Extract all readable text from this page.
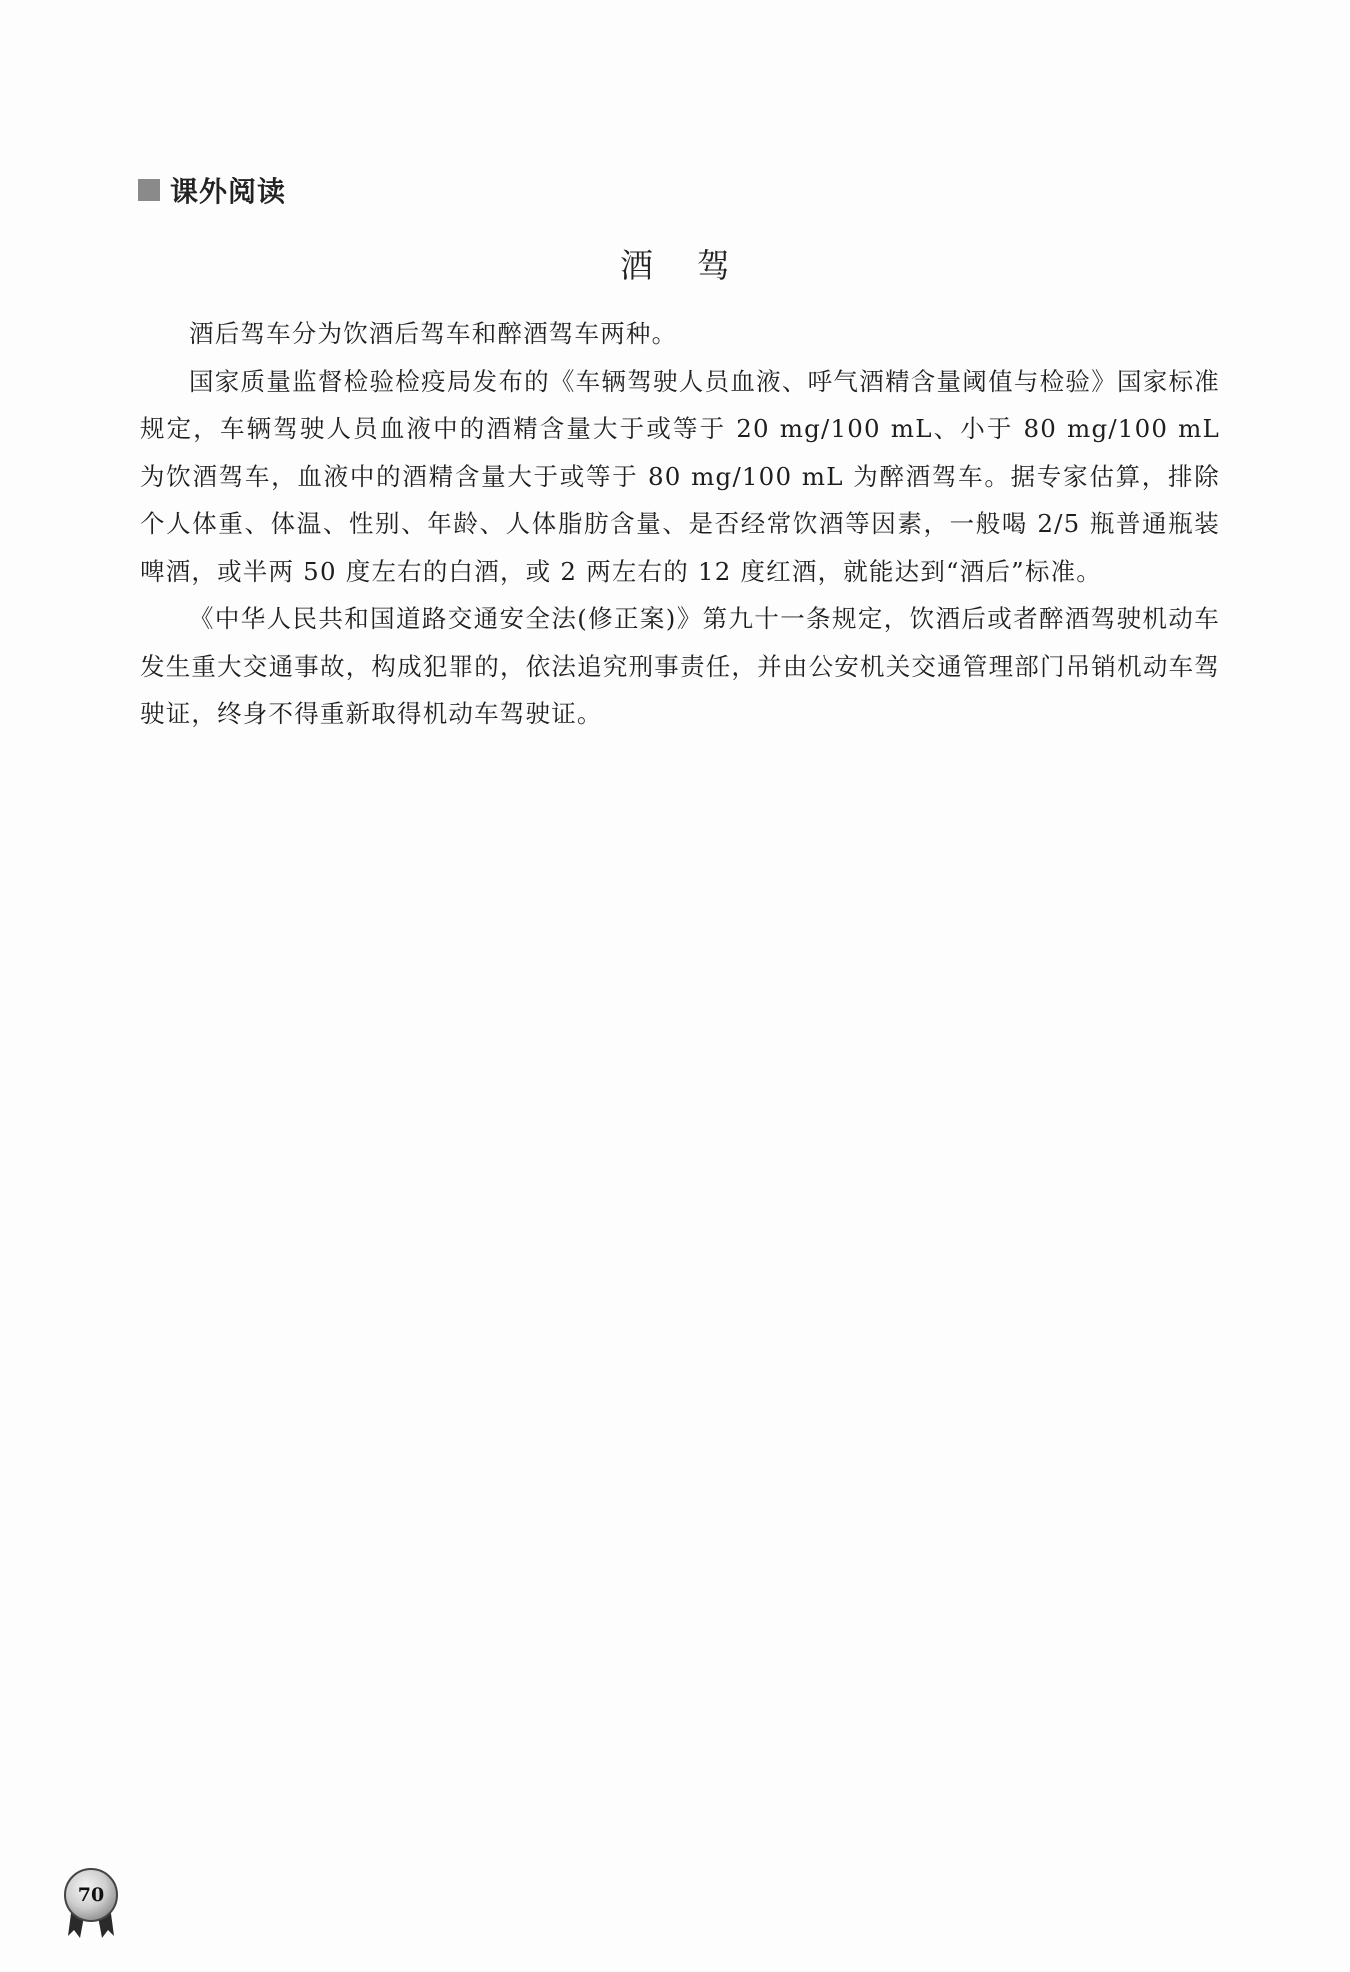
课外阅读
酒驾

酒后驾车分为饮酒后驾车和醉酒驾车两种。

国家质量监督检验检疫局发布的《车辆驾驶人员血液、呼气酒精含量阈值与检验》国家标准规定，车辆驾驶人员血液中的酒精含量大于或等于 20 mg/100 mL、小于 80 mg/100 mL 为饮酒驾车，血液中的酒精含量大于或等于 80 mg/100 mL 为醉酒驾车。据专家估算，排除个人体重、体温、性别、年龄、人体脂肪含量、是否经常饮酒等因素，一般喝 2/5 瓶普通瓶装啤酒，或半两 50 度左右的白酒，或 2 两左右的 12 度红酒，就能达到“酒后”标准。

《中华人民共和国道路交通安全法(修正案)》第九十一条规定，饮酒后或者醉酒驾驶机动车发生重大交通事故，构成犯罪的，依法追究刑事责任，并由公安机关交通管理部门吊销机动车驾驶证，终身不得重新取得机动车驾驶证。

70
